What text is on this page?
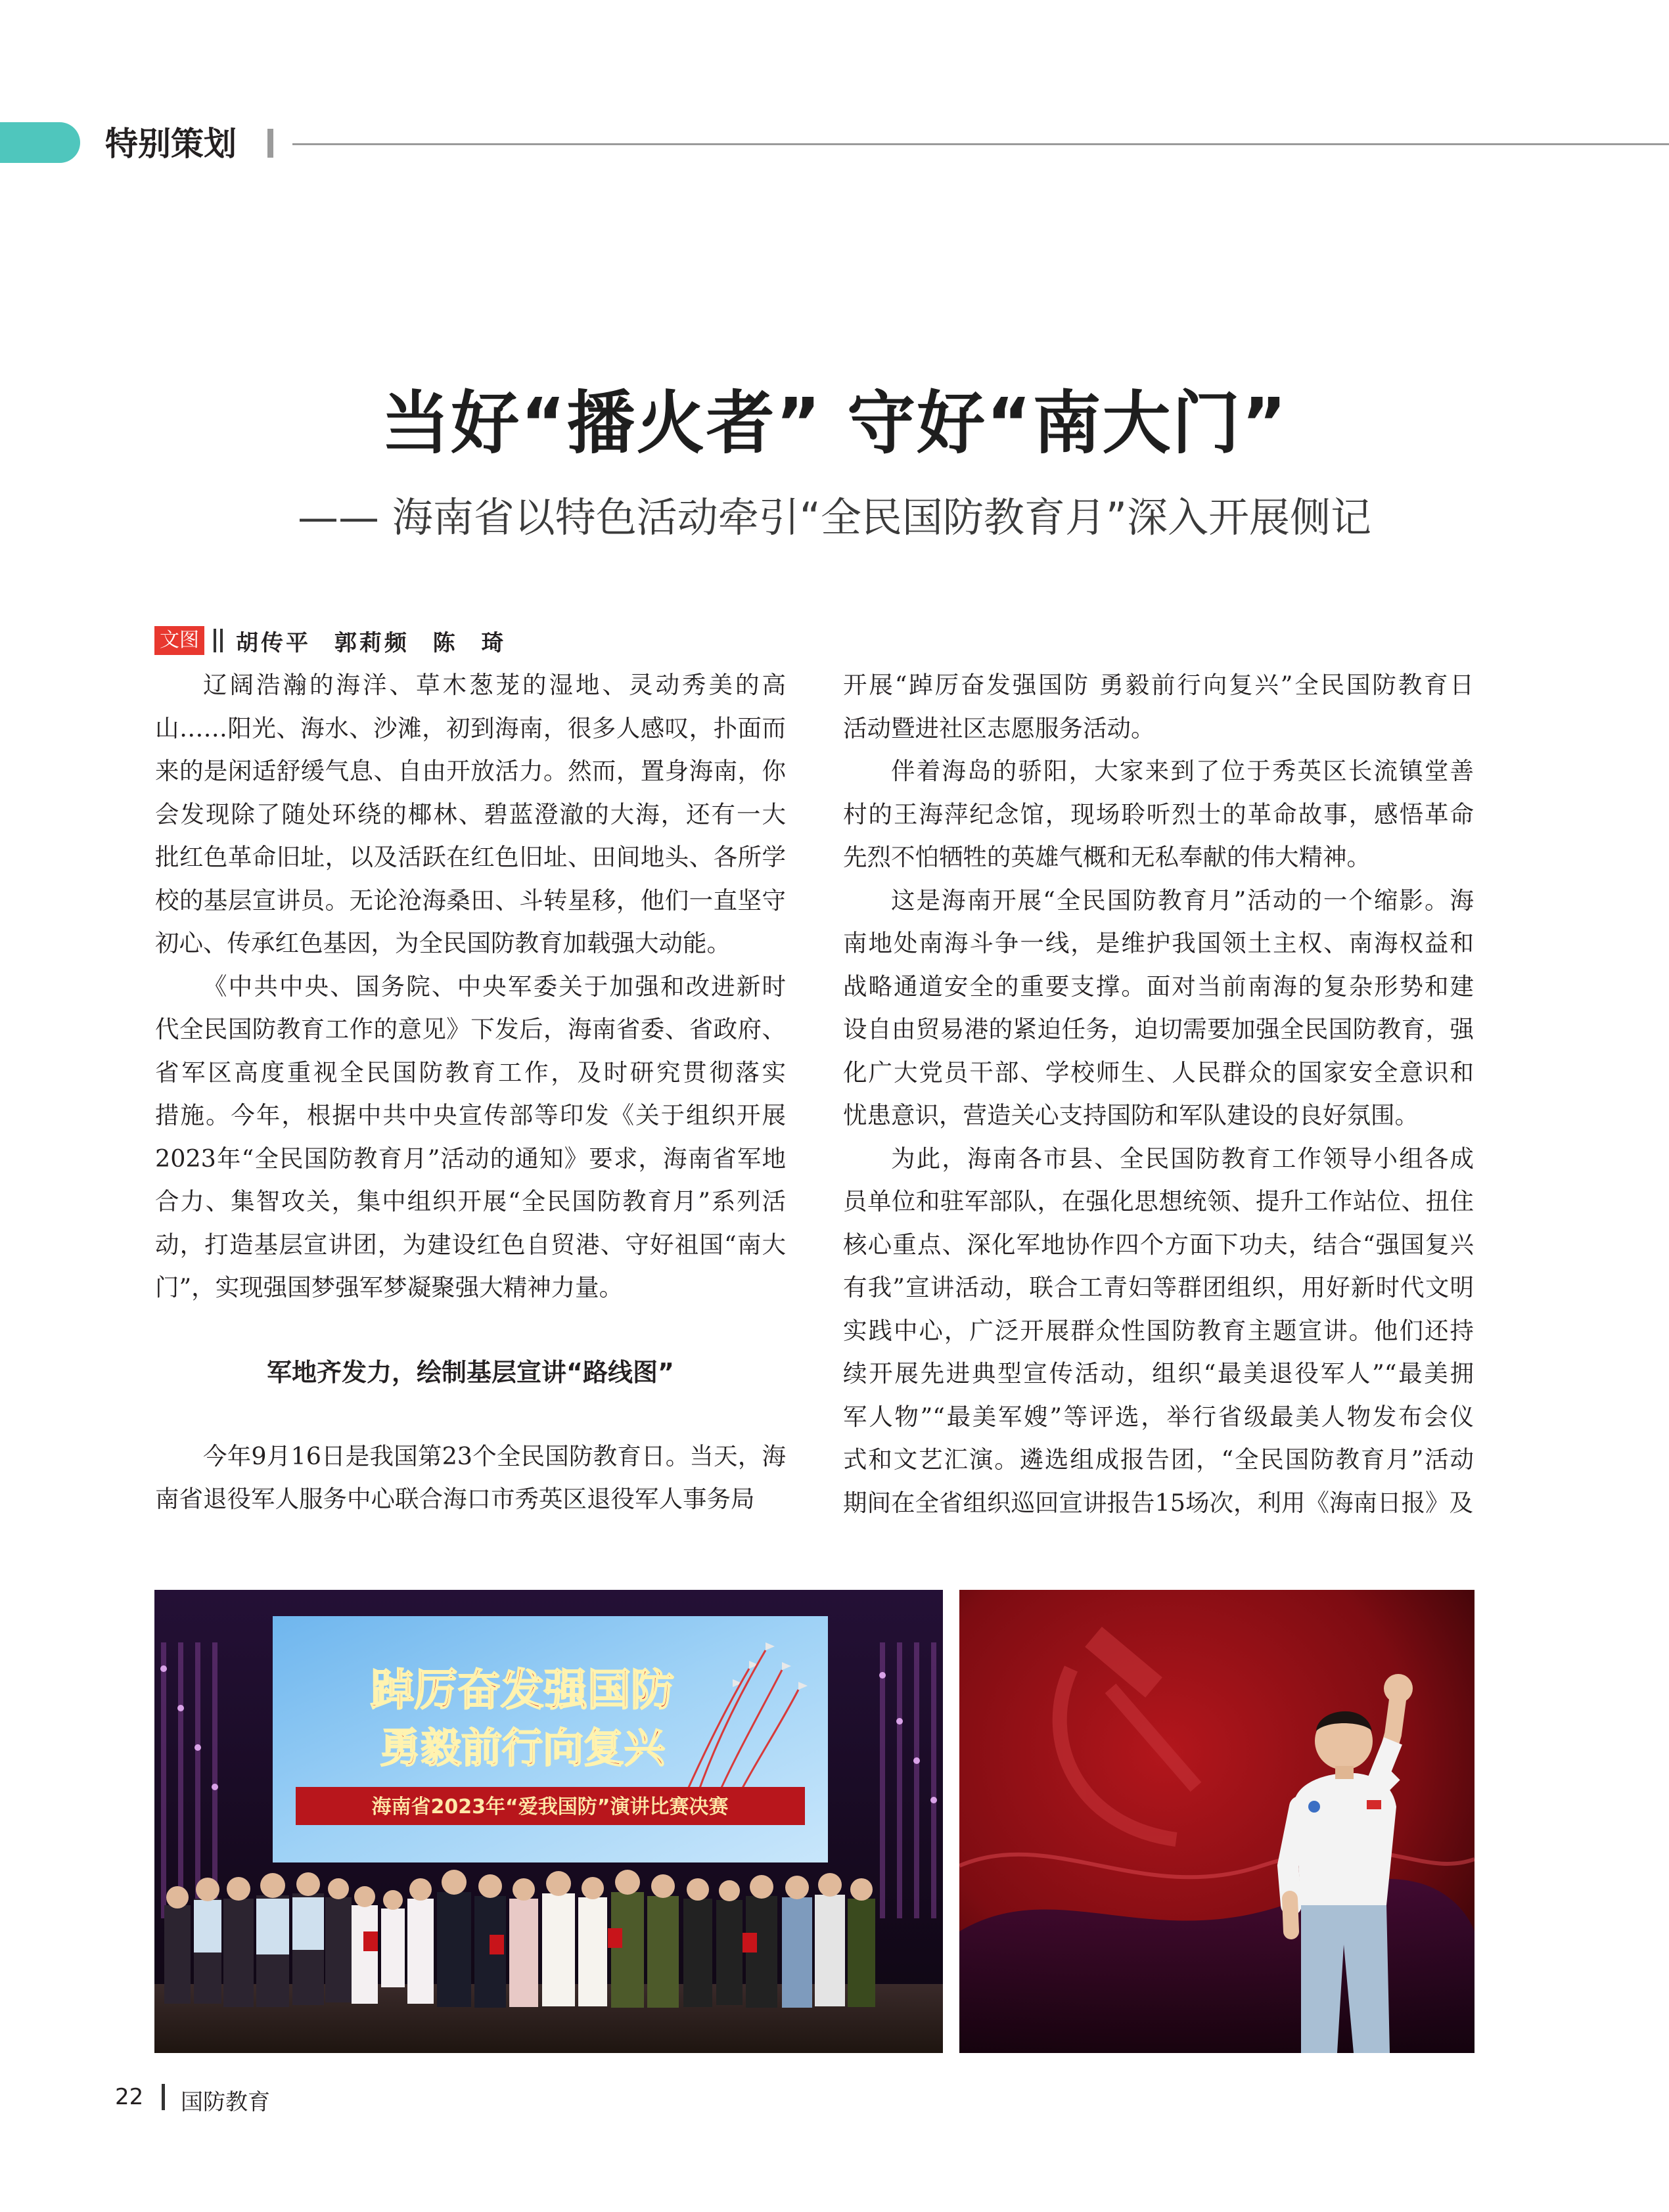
特别策划
当好“播火者” 守好“南大门”
—— 海南省以特色活动牵引“全民国防教育月”深入开展侧记
文图 胡传平 郭莉频 陈 琦
辽阔浩瀚的海洋、草木葱茏的湿地、灵动秀美的高
山……阳光、海水、沙滩，初到海南，很多人感叹，扑面而
来的是闲适舒缓气息、自由开放活力。然而，置身海南，你
会发现除了随处环绕的椰林、碧蓝澄澈的大海，还有一大
批红色革命旧址，以及活跃在红色旧址、田间地头、各所学
校的基层宣讲员。无论沧海桑田、斗转星移，他们一直坚守
初心、传承红色基因，为全民国防教育加载强大动能。
《中共中央、国务院、中央军委关于加强和改进新时
代全民国防教育工作的意见》下发后，海南省委、省政府、
省军区高度重视全民国防教育工作，及时研究贯彻落实
措施。今年，根据中共中央宣传部等印发《关于组织开展
2023年“全民国防教育月”活动的通知》要求，海南省军地
合力、集智攻关，集中组织开展“全民国防教育月”系列活
动，打造基层宣讲团，为建设红色自贸港、守好祖国“南大
门”，实现强国梦强军梦凝聚强大精神力量。
军地齐发力，绘制基层宣讲“路线图”
今年9月16日是我国第23个全民国防教育日。当天，海
南省退役军人服务中心联合海口市秀英区退役军人事务局
开展“踔厉奋发强国防 勇毅前行向复兴”全民国防教育日
活动暨进社区志愿服务活动。
伴着海岛的骄阳，大家来到了位于秀英区长流镇堂善
村的王海萍纪念馆，现场聆听烈士的革命故事，感悟革命
先烈不怕牺牲的英雄气概和无私奉献的伟大精神。
这是海南开展“全民国防教育月”活动的一个缩影。海
南地处南海斗争一线，是维护我国领土主权、南海权益和
战略通道安全的重要支撑。面对当前南海的复杂形势和建
设自由贸易港的紧迫任务，迫切需要加强全民国防教育，强
化广大党员干部、学校师生、人民群众的国家安全意识和
忧患意识，营造关心支持国防和军队建设的良好氛围。
为此，海南各市县、全民国防教育工作领导小组各成
员单位和驻军部队，在强化思想统领、提升工作站位、扭住
核心重点、深化军地协作四个方面下功夫，结合“强国复兴
有我”宣讲活动，联合工青妇等群团组织，用好新时代文明
实践中心，广泛开展群众性国防教育主题宣讲。他们还持
续开展先进典型宣传活动，组织“最美退役军人”“最美拥
军人物”“最美军嫂”等评选，举行省级最美人物发布会仪
式和文艺汇演。遴选组成报告团，“全民国防教育月”活动
期间在全省组织巡回宣讲报告15场次，利用《海南日报》及
踔厉奋发强国防
勇毅前行向复兴
海南省2023年“爱我国防”演讲比赛决赛
22 国防教育
